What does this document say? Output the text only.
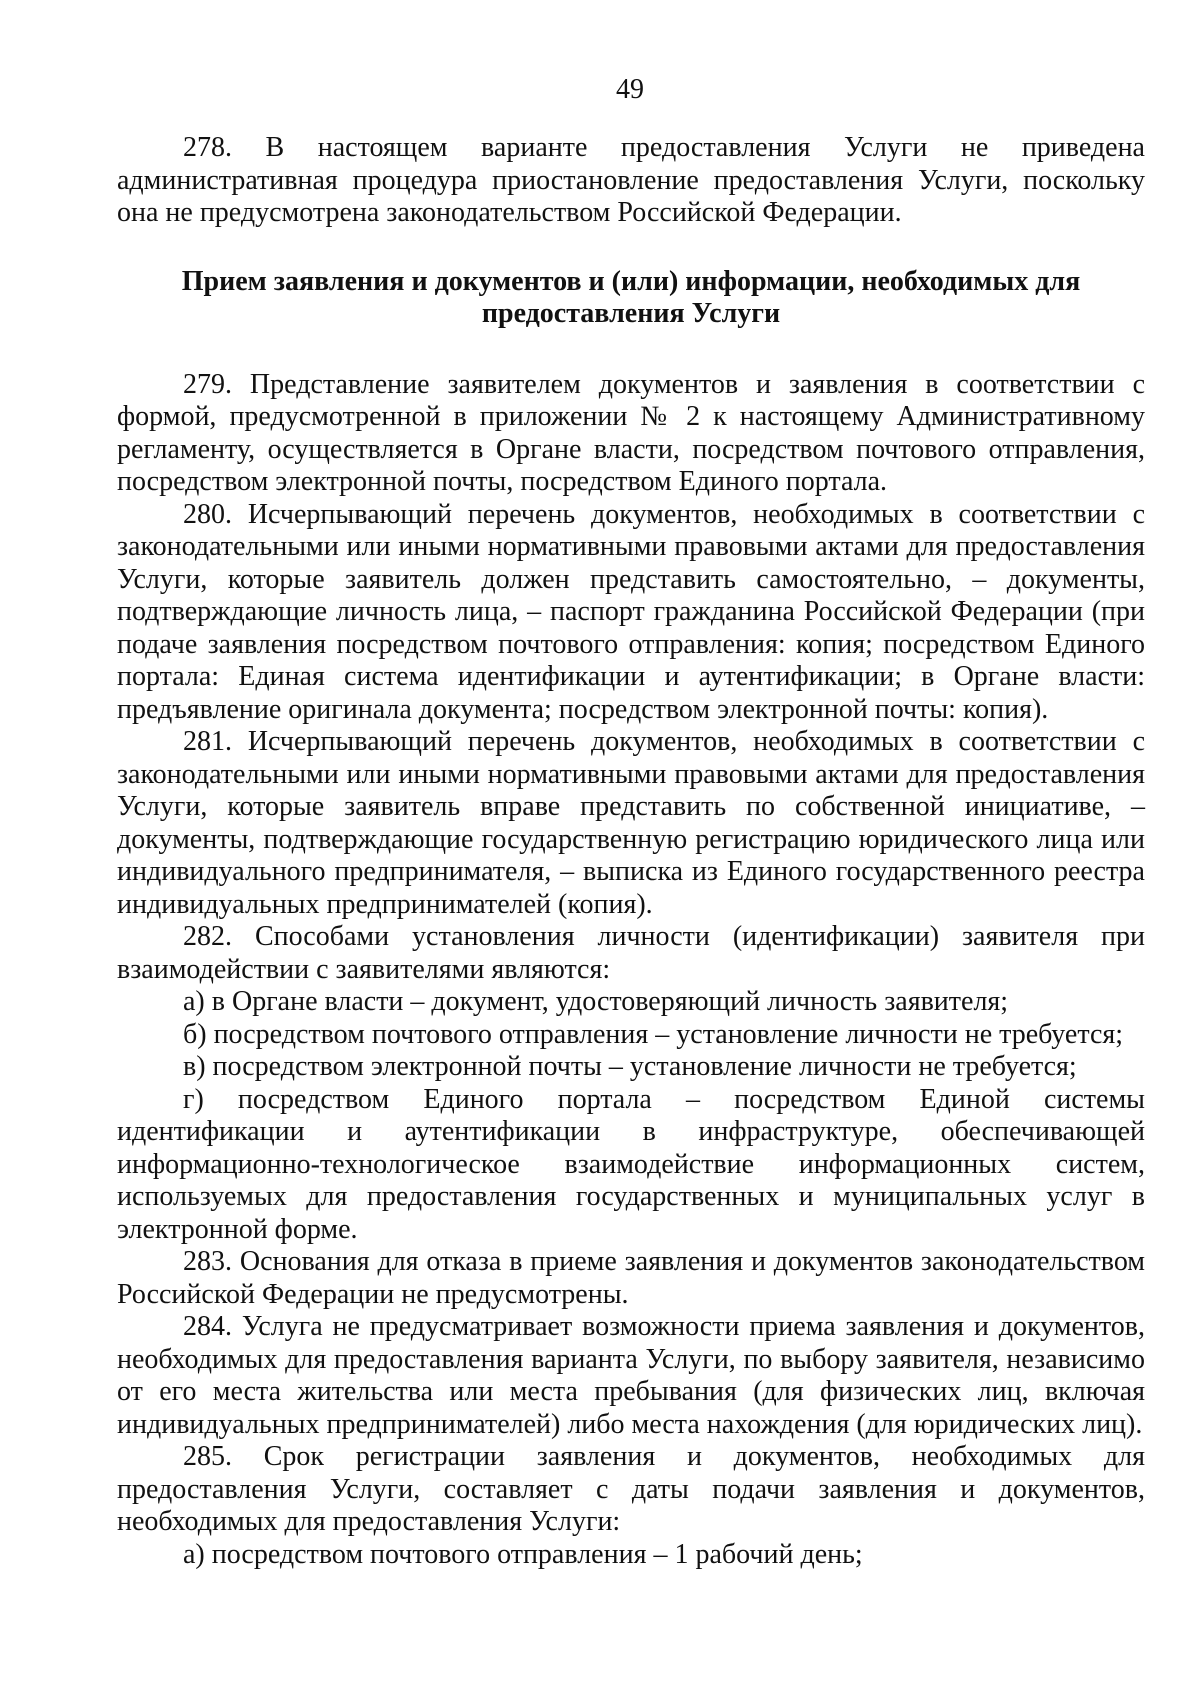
49

278. В настоящем варианте предоставления Услуги не приведена административная процедура приостановление предоставления Услуги, поскольку она не предусмотрена законодательством Российской Федерации.

Прием заявления и документов и (или) информации, необходимых для
предоставления Услуги

279. Представление заявителем документов и заявления в соответствии с формой, предусмотренной в приложении № 2 к настоящему Административному регламенту, осуществляется в Органе власти, посредством почтового отправления, посредством электронной почты, посредством Единого портала.

280. Исчерпывающий перечень документов, необходимых в соответствии с законодательными или иными нормативными правовыми актами для предоставления Услуги, которые заявитель должен представить самостоятельно, – документы, подтверждающие личность лица, – паспорт гражданина Российской Федерации (при подаче заявления посредством почтового отправления: копия; посредством Единого портала: Единая система идентификации и аутентификации; в Органе власти: предъявление оригинала документа; посредством электронной почты: копия).

281. Исчерпывающий перечень документов, необходимых в соответствии с законодательными или иными нормативными правовыми актами для предоставления Услуги, которые заявитель вправе представить по собственной инициативе, – документы, подтверждающие государственную регистрацию юридического лица или индивидуального предпринимателя, – выписка из Единого государственного реестра индивидуальных предпринимателей (копия).

282. Способами установления личности (идентификации) заявителя при взаимодействии с заявителями являются:

а) в Органе власти – документ, удостоверяющий личность заявителя;

б) посредством почтового отправления – установление личности не требуется;

в) посредством электронной почты – установление личности не требуется;

г) посредством Единого портала – посредством Единой системы идентификации и аутентификации в инфраструктуре, обеспечивающей информационно-технологическое взаимодействие информационных систем, используемых для предоставления государственных и муниципальных услуг в электронной форме.

283. Основания для отказа в приеме заявления и документов законодательством Российской Федерации не предусмотрены.

284. Услуга не предусматривает возможности приема заявления и документов, необходимых для предоставления варианта Услуги, по выбору заявителя, независимо от его места жительства или места пребывания (для физических лиц, включая индивидуальных предпринимателей) либо места нахождения (для юридических лиц).

285. Срок регистрации заявления и документов, необходимых для предоставления Услуги, составляет с даты подачи заявления и документов, необходимых для предоставления Услуги:

а) посредством почтового отправления – 1 рабочий день;
